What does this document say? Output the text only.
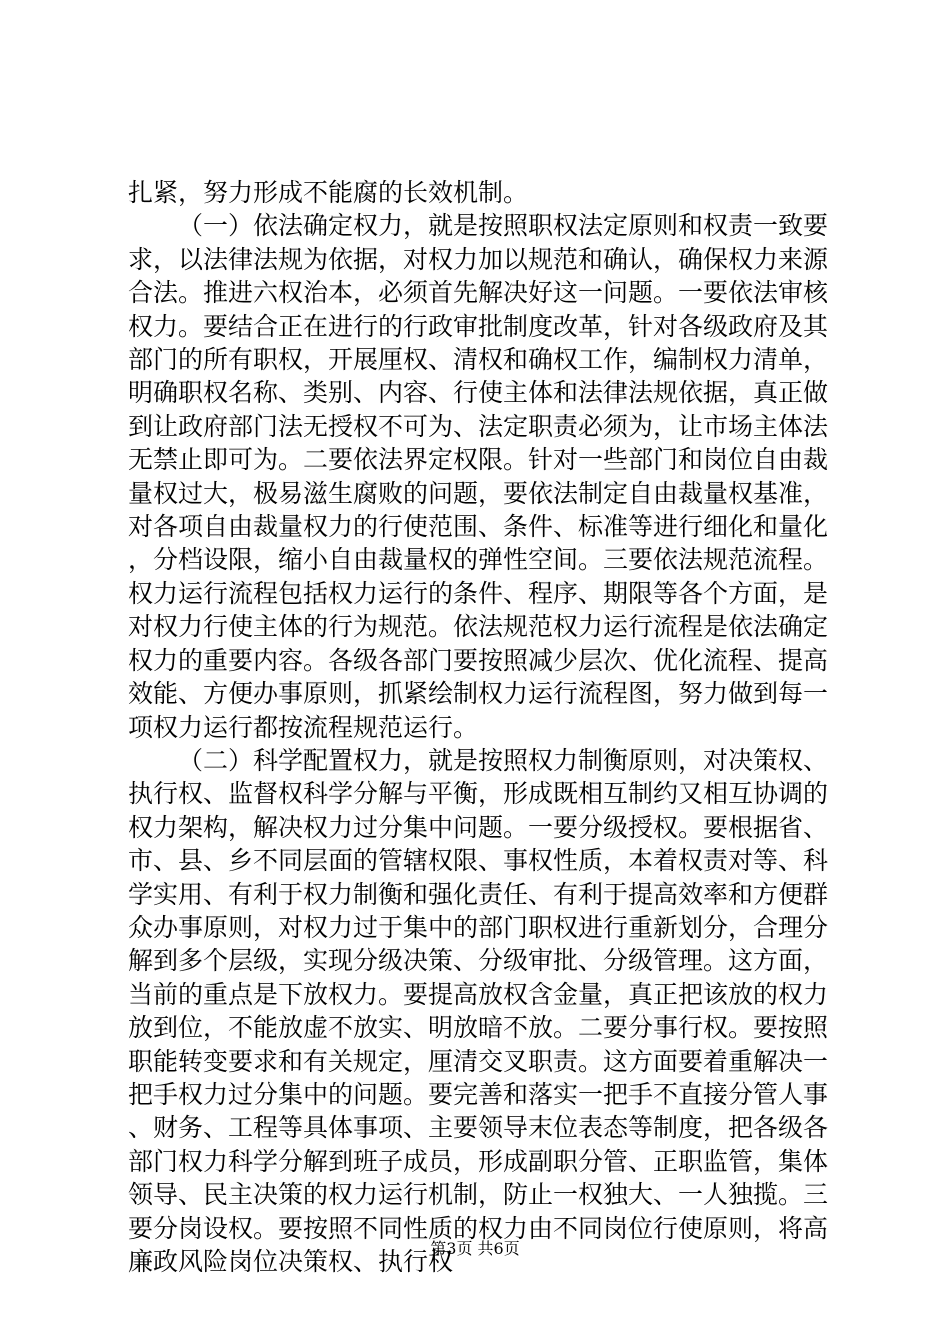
扎紧，努力形成不能腐的长效机制。

（一）依法确定权力，就是按照职权法定原则和权责一致要求，以法律法规为依据，对权力加以规范和确认，确保权力来源合法。推进六权治本，必须首先解决好这一问题。一要依法审核权力。要结合正在进行的行政审批制度改革，针对各级政府及其部门的所有职权，开展厘权、清权和确权工作，编制权力清单，明确职权名称、类别、内容、行使主体和法律法规依据，真正做到让政府部门法无授权不可为、法定职责必须为，让市场主体法无禁止即可为。二要依法界定权限。针对一些部门和岗位自由裁量权过大，极易滋生腐败的问题，要依法制定自由裁量权基准，对各项自由裁量权力的行使范围、条件、标准等进行细化和量化，分档设限，缩小自由裁量权的弹性空间。三要依法规范流程。权力运行流程包括权力运行的条件、程序、期限等各个方面，是对权力行使主体的行为规范。依法规范权力运行流程是依法确定权力的重要内容。各级各部门要按照减少层次、优化流程、提高效能、方便办事原则，抓紧绘制权力运行流程图，努力做到每一项权力运行都按流程规范运行。

（二）科学配置权力，就是按照权力制衡原则，对决策权、执行权、监督权科学分解与平衡，形成既相互制约又相互协调的权力架构，解决权力过分集中问题。一要分级授权。要根据省、市、县、乡不同层面的管辖权限、事权性质，本着权责对等、科学实用、有利于权力制衡和强化责任、有利于提高效率和方便群众办事原则，对权力过于集中的部门职权进行重新划分，合理分解到多个层级，实现分级决策、分级审批、分级管理。这方面，当前的重点是下放权力。要提高放权含金量，真正把该放的权力放到位，不能放虚不放实、明放暗不放。二要分事行权。要按照职能转变要求和有关规定，厘清交叉职责。这方面要着重解决一把手权力过分集中的问题。要完善和落实一把手不直接分管人事、财务、工程等具体事项、主要领导末位表态等制度，把各级各部门权力科学分解到班子成员，形成副职分管、正职监管，集体领导、民主决策的权力运行机制，防止一权独大、一人独揽。三要分岗设权。要按照不同性质的权力由不同岗位行使原则，将高廉政风险岗位决策权、执行权

第3页 共6页
